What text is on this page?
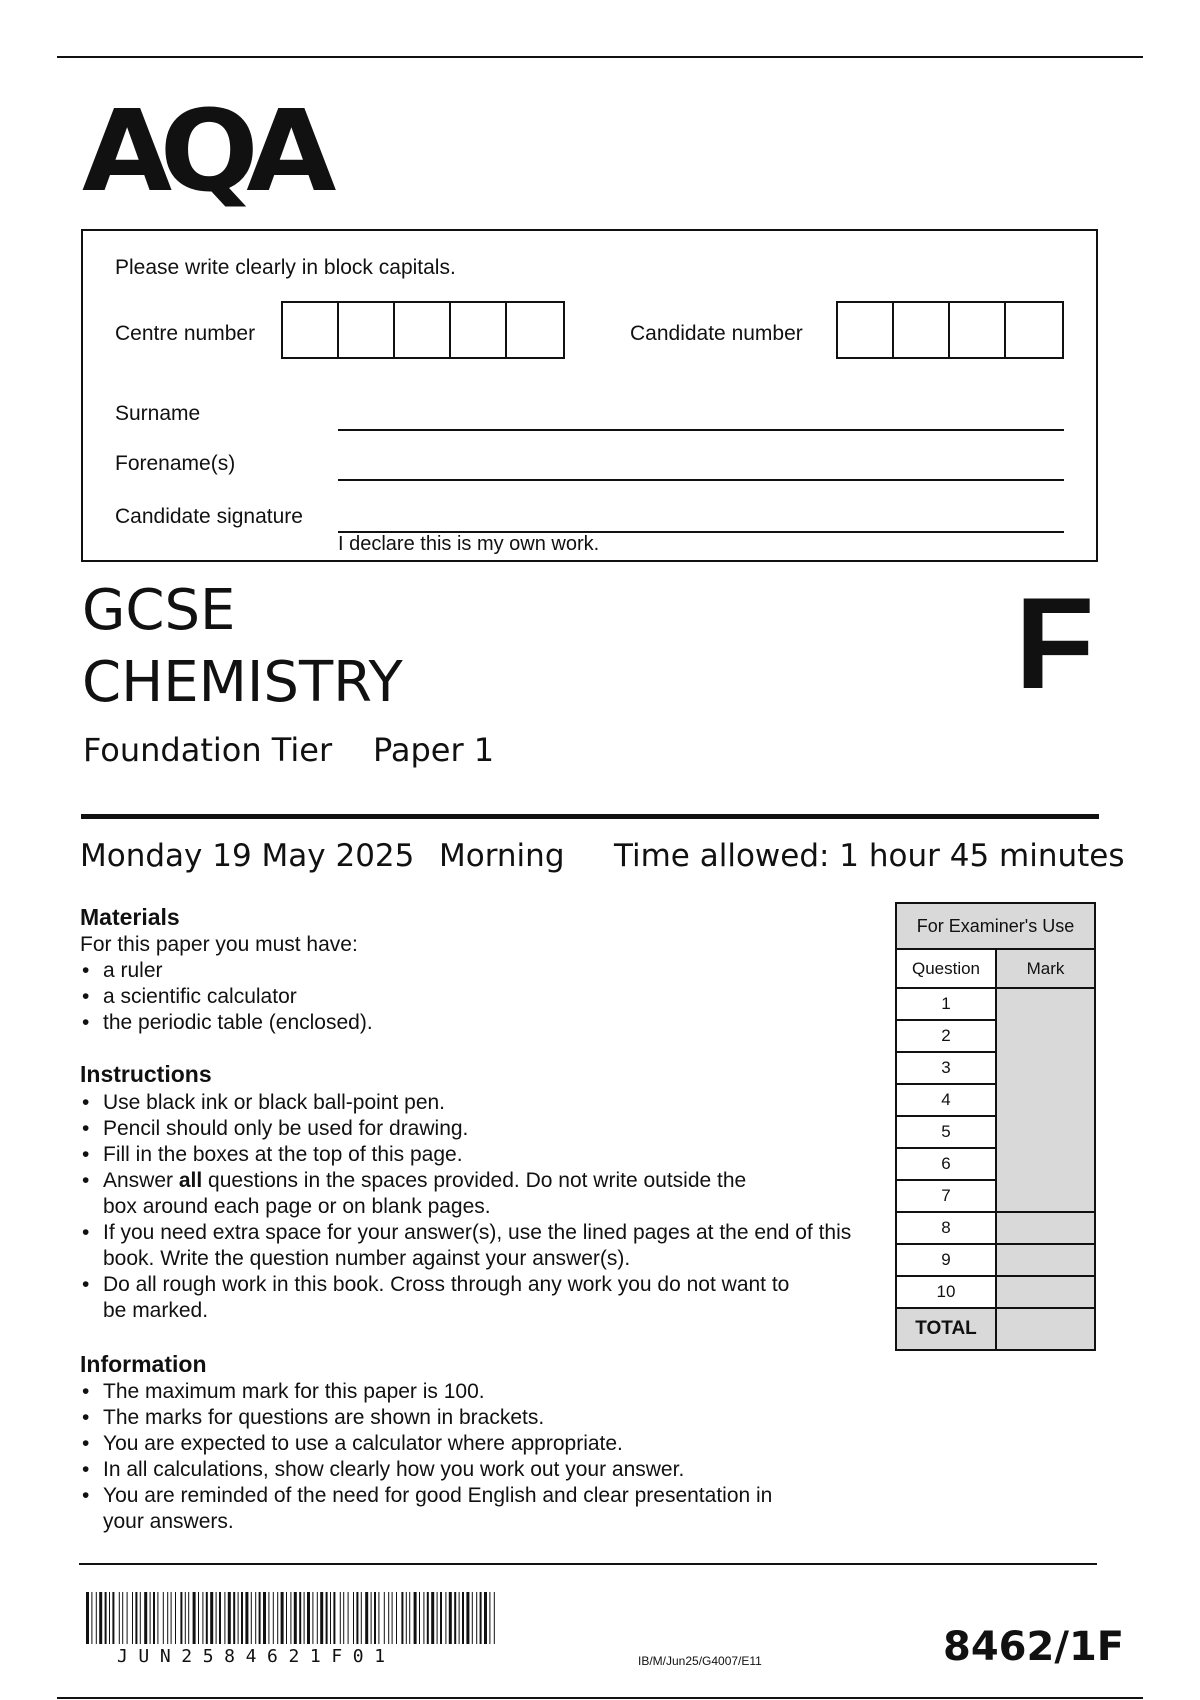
AQA
Please write clearly in block capitals.
Centre number	Candidate number
Surname
Forename(s)
Candidate signature
I declare this is my own work.
GCSE
CHEMISTRY
Foundation Tier Paper 1
F
Monday 19 May 2025 Morning Time allowed: 1 hour 45 minutes
Materials
For this paper you must have:
• a ruler
• a scientific calculator
• the periodic table (enclosed).
Instructions
• Use black ink or black ball-point pen.
• Pencil should only be used for drawing.
• Fill in the boxes at the top of this page.
• Answer all questions in the spaces provided. Do not write outside the box around each page or on blank pages.
• If you need extra space for your answer(s), use the lined pages at the end of this book. Write the question number against your answer(s).
• Do all rough work in this book. Cross through any work you do not want to be marked.
Information
• The maximum mark for this paper is 100.
• The marks for questions are shown in brackets.
• You are expected to use a calculator where appropriate.
• In all calculations, show clearly how you work out your answer.
• You are reminded of the need for good English and clear presentation in your answers.
For Examiner's Use	
Question	Mark
1	
2	
3	
4	
5	
6	
7	
8	
9	
10	
TOTAL	
JUN2584621F01	IB/M/Jun25/G4007/E11	8462/1F
